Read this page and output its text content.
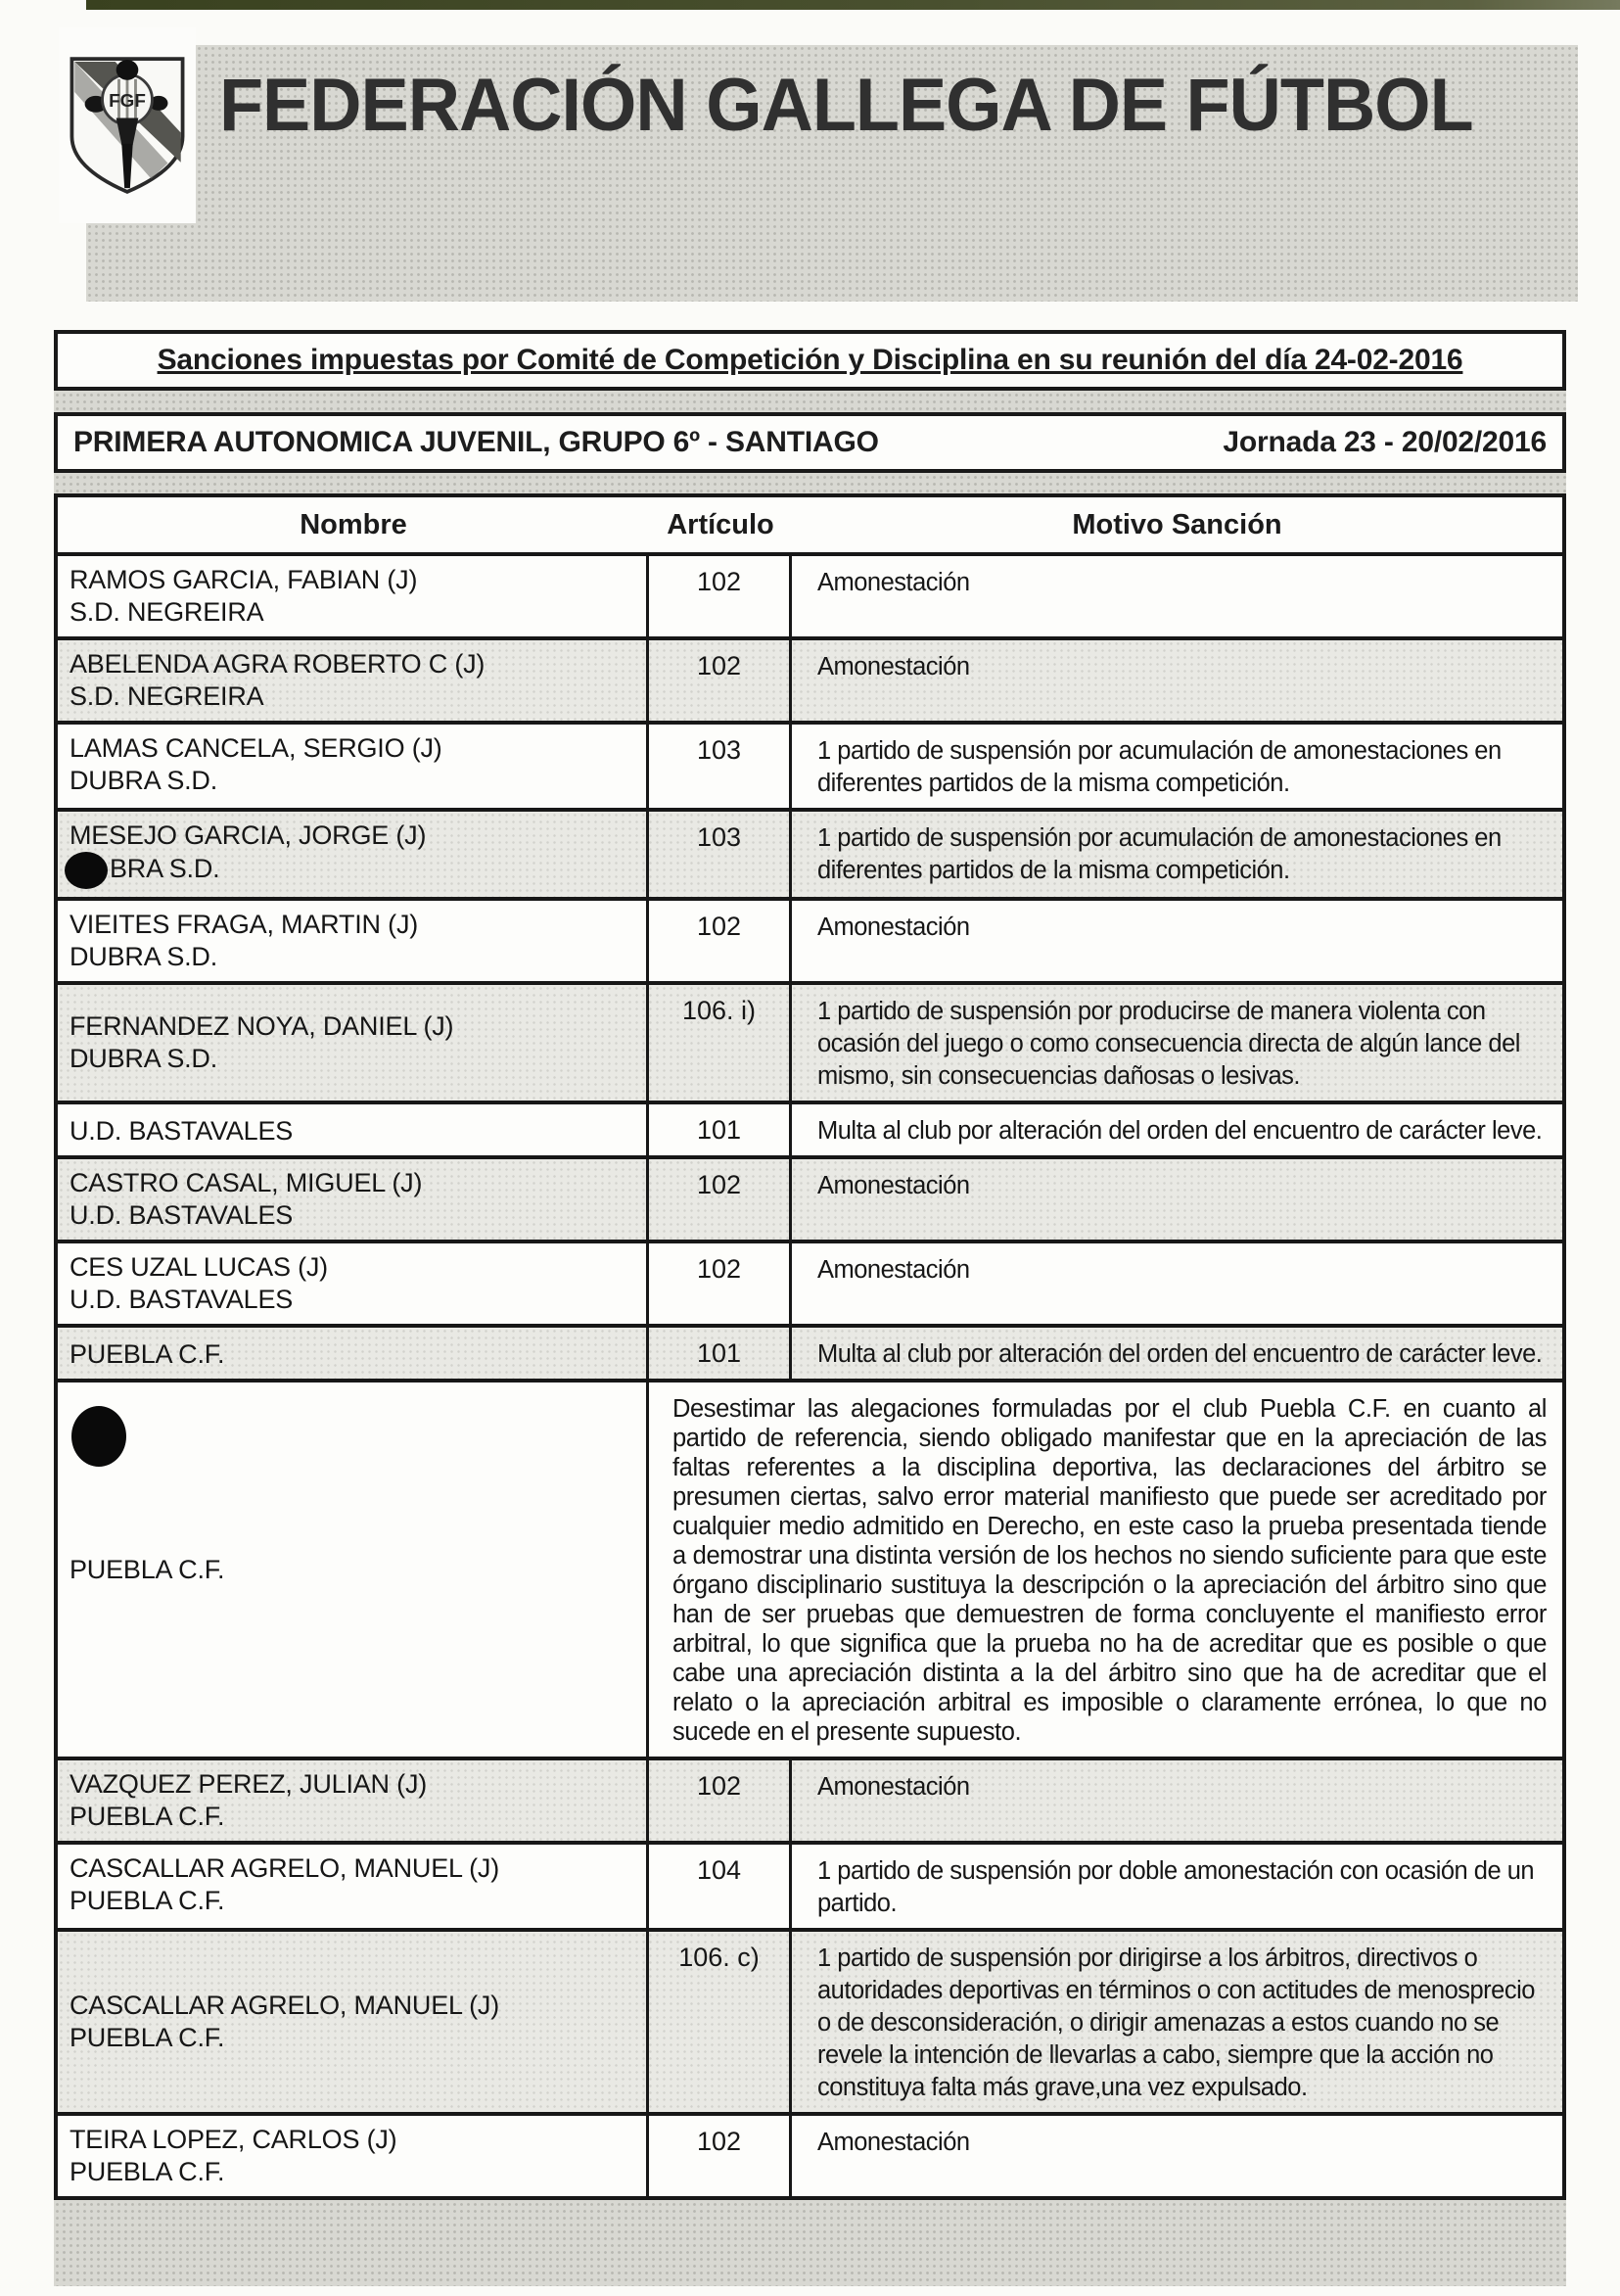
FGF FEDERACIÓN GALLEGA DE FÚTBOL
Sanciones impuestas por Comité de Competición y Disciplina en su reunión del día 24-02-2016
PRIMERA AUTONOMICA JUVENIL, GRUPO 6º - SANTIAGO	Jornada 23 - 20/02/2016
Nombre	Artículo	Motivo Sanción
RAMOS GARCIA, FABIAN (J)
S.D. NEGREIRA
102	Amonestación
ABELENDA AGRA ROBERTO C (J)
S.D. NEGREIRA
102	Amonestación
LAMAS CANCELA, SERGIO (J)
DUBRA S.D.
103	1 partido de suspensión por acumulación de amonestaciones en diferentes partidos de la misma competición.
MESEJO GARCIA, JORGE (J)
BRA S.D.
103	1 partido de suspensión por acumulación de amonestaciones en diferentes partidos de la misma competición.
VIEITES FRAGA, MARTIN (J)
DUBRA S.D.
102	Amonestación
FERNANDEZ NOYA, DANIEL (J)
DUBRA S.D.
106. i)	1 partido de suspensión por producirse de manera violenta con ocasión del juego o como consecuencia directa de algún lance del mismo, sin consecuencias dañosas o lesivas.
U.D. BASTAVALES	101	Multa al club por alteración del orden del encuentro de carácter leve.
CASTRO CASAL, MIGUEL (J)
U.D. BASTAVALES
102	Amonestación
CES UZAL LUCAS (J)
U.D. BASTAVALES
102	Amonestación
PUEBLA C.F.	101	Multa al club por alteración del orden del encuentro de carácter leve.
PUEBLA C.F.
Desestimar las alegaciones formuladas por el club Puebla C.F. en cuanto al partido de referencia, siendo obligado manifestar que en la apreciación de las faltas referentes a la disciplina deportiva, las declaraciones del árbitro se presumen ciertas, salvo error material manifiesto que puede ser acreditado por cualquier medio admitido en Derecho, en este caso la prueba presentada tiende a demostrar una distinta versión de los hechos no siendo suficiente para que este órgano disciplinario sustituya la descripción o la apreciación del árbitro sino que han de ser pruebas que demuestren de forma concluyente el manifiesto error arbitral, lo que significa que la prueba no ha de acreditar que es posible o que cabe una apreciación distinta a la del árbitro sino que ha de acreditar que el relato o la apreciación arbitral es imposible o claramente errónea, lo que no sucede en el presente supuesto.
VAZQUEZ PEREZ, JULIAN (J)
PUEBLA C.F.
102	Amonestación
CASCALLAR AGRELO, MANUEL (J)
PUEBLA C.F.
104	1 partido de suspensión por doble amonestación con ocasión de un partido.
CASCALLAR AGRELO, MANUEL (J)
PUEBLA C.F.
106. c)	1 partido de suspensión por dirigirse a los árbitros, directivos o autoridades deportivas en términos o con actitudes de menosprecio o de desconsideración, o dirigir amenazas a estos cuando no se revele la intención de llevarlas a cabo, siempre que la acción no constituya falta más grave,una vez expulsado.
TEIRA LOPEZ, CARLOS (J)
PUEBLA C.F.
102	Amonestación
